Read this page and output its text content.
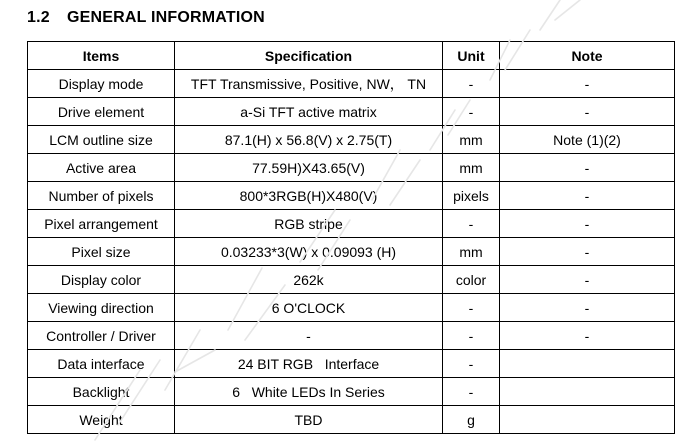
1.2 GENERAL INFORMATION
Items	Specification	Unit	Note
Display mode	TFT Transmissive, Positive, NW， TN	-	-
Drive element	a-Si TFT active matrix	-	-
LCM outline size	87.1(H) x 56.8(V) x 2.75(T)	mm	Note (1)(2)
Active area	77.59H)X43.65(V)	mm	-
Number of pixels	800*3RGB(H)X480(V)	pixels	-
Pixel arrangement	RGB stripe	-	-
Pixel size	0.03233*3(W) x 0.09093 (H)	mm	-
Display color	262k	color	-
Viewing direction	6 O'CLOCK	-	-
Controller / Driver	-	-	-
Data interface	24 BIT RGB   Interface	-	
Backlight	6   White LEDs In Series	-	
Weight	TBD	g	
